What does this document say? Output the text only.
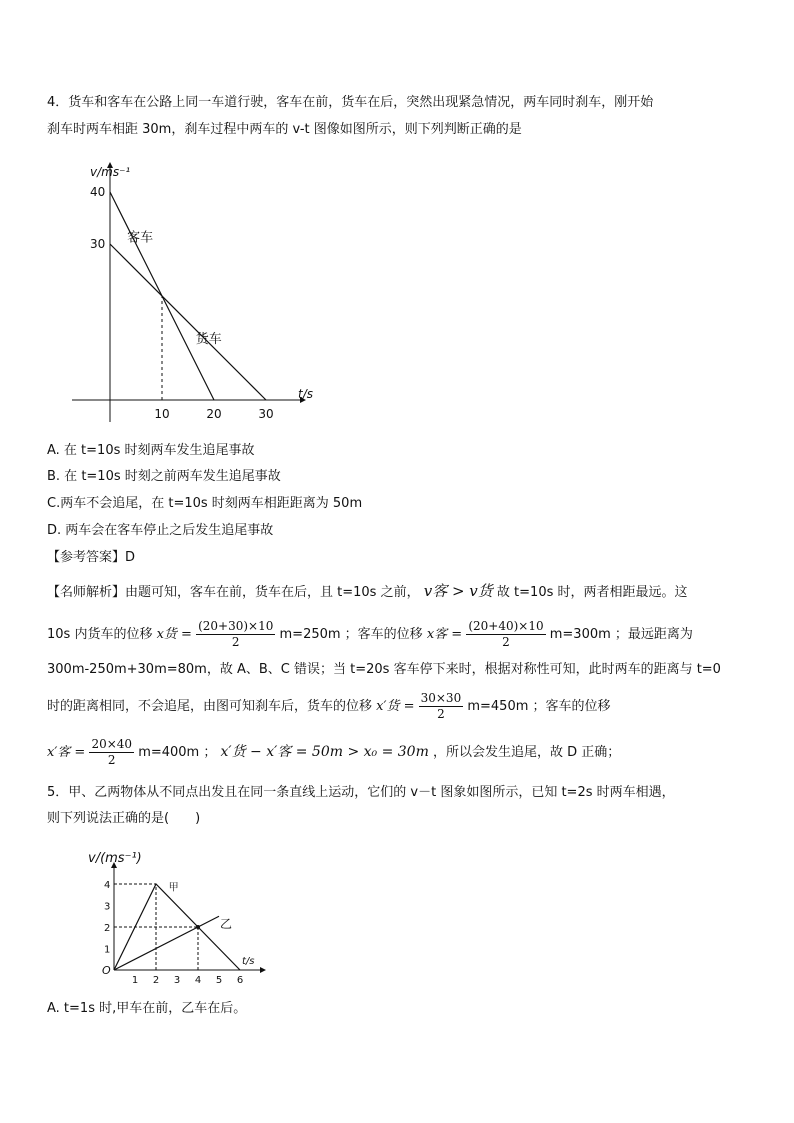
4．货车和客车在公路上同一车道行驶，客车在前，货车在后，突然出现紧急情况，两车同时刹车，刚开始
刹车时两车相距 30m，刹车过程中两车的 v-t 图像如图所示，则下列判断正确的是
v/ms⁻¹
t/s
30
40
10	20	30
客车
货车
A. 在 t=10s 时刻两车发生追尾事故
B. 在 t=10s 时刻之前两车发生追尾事故
C.两车不会追尾，在 t=10s 时刻两车相距距离为 50m
D. 两车会在客车停止之后发生追尾事故
【参考答案】D
【名师解析】由题可知，客车在前，货车在后，且 t=10s 之前， v客 > v货 故 t=10s 时，两者相距最远。这
10s 内货车的位移 x货 = $\frac{(20+30)\times 10}{2} m=250m$ ；客车的位移 x客 = $\frac{(20+40)\times 10}{2} m=300m$ ；最远距离为
300m-250m+30m=80m，故 A、B、C 错误；当 t=20s 客车停下来时，根据对称性可知，此时两车的距离与 t=0
时的距离相同，不会追尾，由图可知刹车后，货车的位移 x′货 = $\frac{30\times 30}{2} m=450m$ ；客车的位移
x′客 = $\frac{20\times 40}{2} m=400m$ ； x′货 − x′客 = 50m > x₀ = 30m ，所以会发生追尾，故 D 正确；
5．甲、乙两物体从不同点出发且在同一条直线上运动，它们的 v－t 图象如图所示，已知 t=2s 时两车相遇，
则下列说法正确的是(　　)
v/(ms⁻¹)
t/s
O
1
2
3
4
1 2 3 4 5 6
甲
乙
A. t=1s 时,甲车在前，乙车在后。
